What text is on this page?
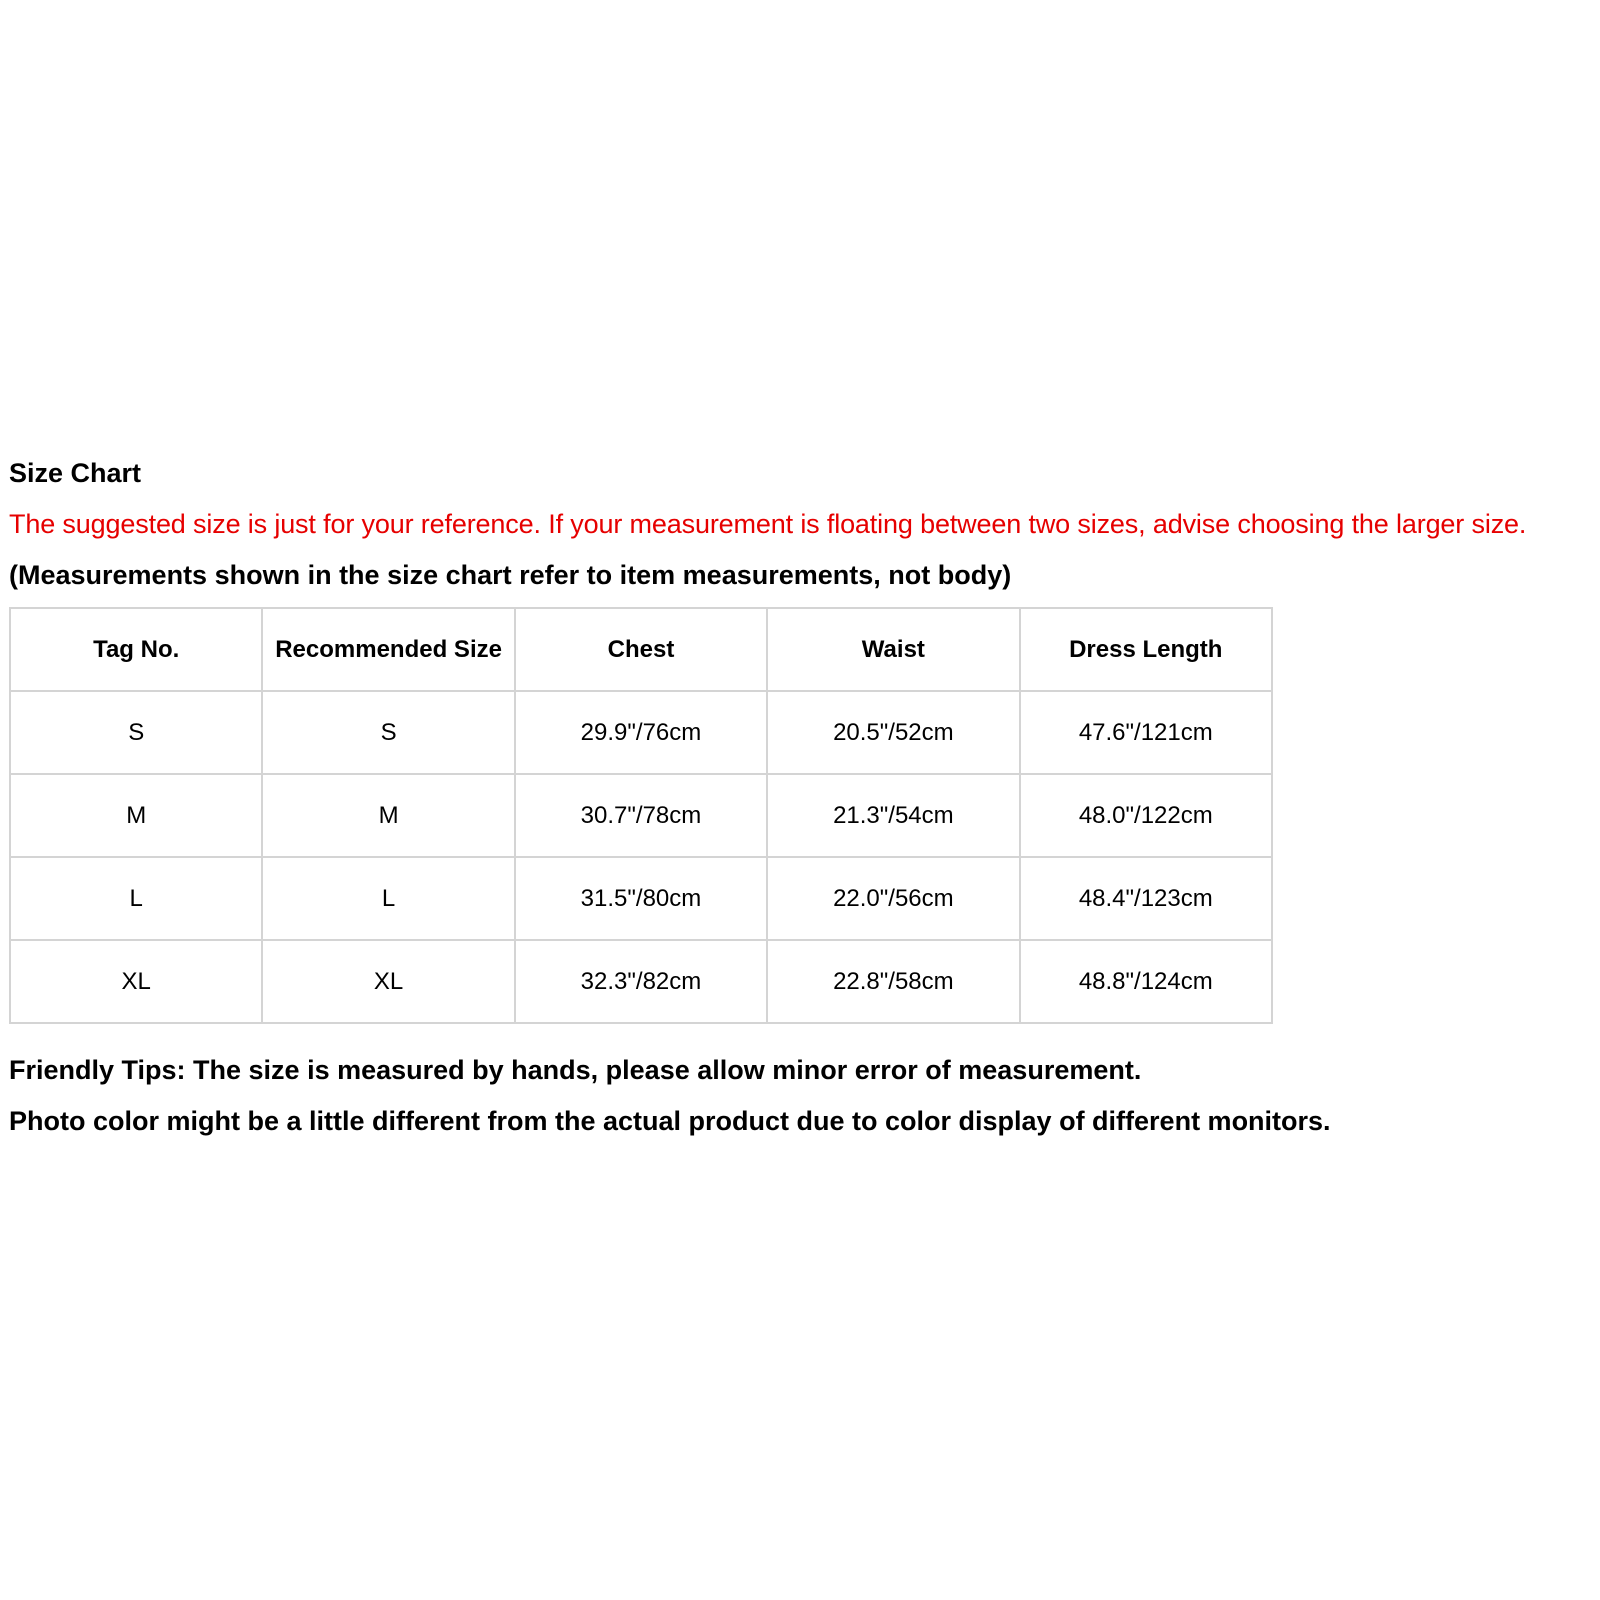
Size Chart
The suggested size is just for your reference. If your measurement is floating between two sizes, advise choosing the larger size.
(Measurements shown in the size chart refer to item measurements, not body)
Tag No.	Recommended Size	Chest	Waist	Dress Length
S	S	29.9"/76cm	20.5"/52cm	47.6"/121cm
M	M	30.7"/78cm	21.3"/54cm	48.0"/122cm
L	L	31.5"/80cm	22.0"/56cm	48.4"/123cm
XL	XL	32.3"/82cm	22.8"/58cm	48.8"/124cm
Friendly Tips: The size is measured by hands, please allow minor error of measurement.
Photo color might be a little different from the actual product due to color display of different monitors.
